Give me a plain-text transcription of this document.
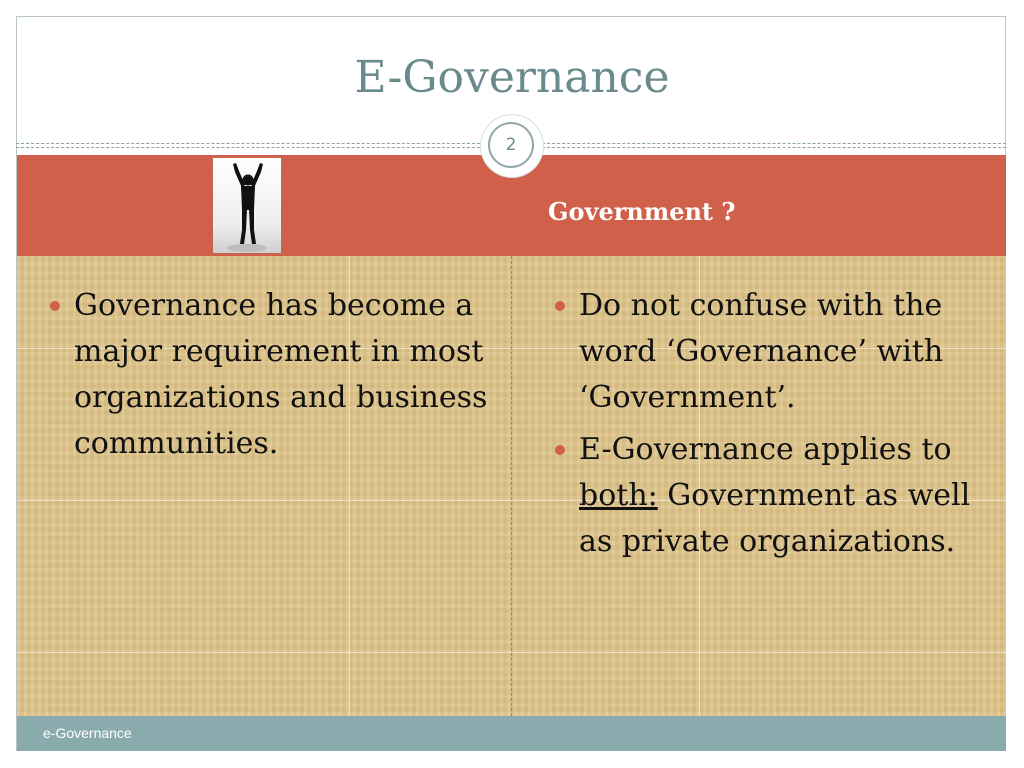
E-Governance
2
Government ?
Governance has become a major requirement in most organizations and business communities.
Do not confuse with the word ‘Governance’ with ‘Government’.
E-Governance applies to both: Government as well as private organizations.
e-Governance
